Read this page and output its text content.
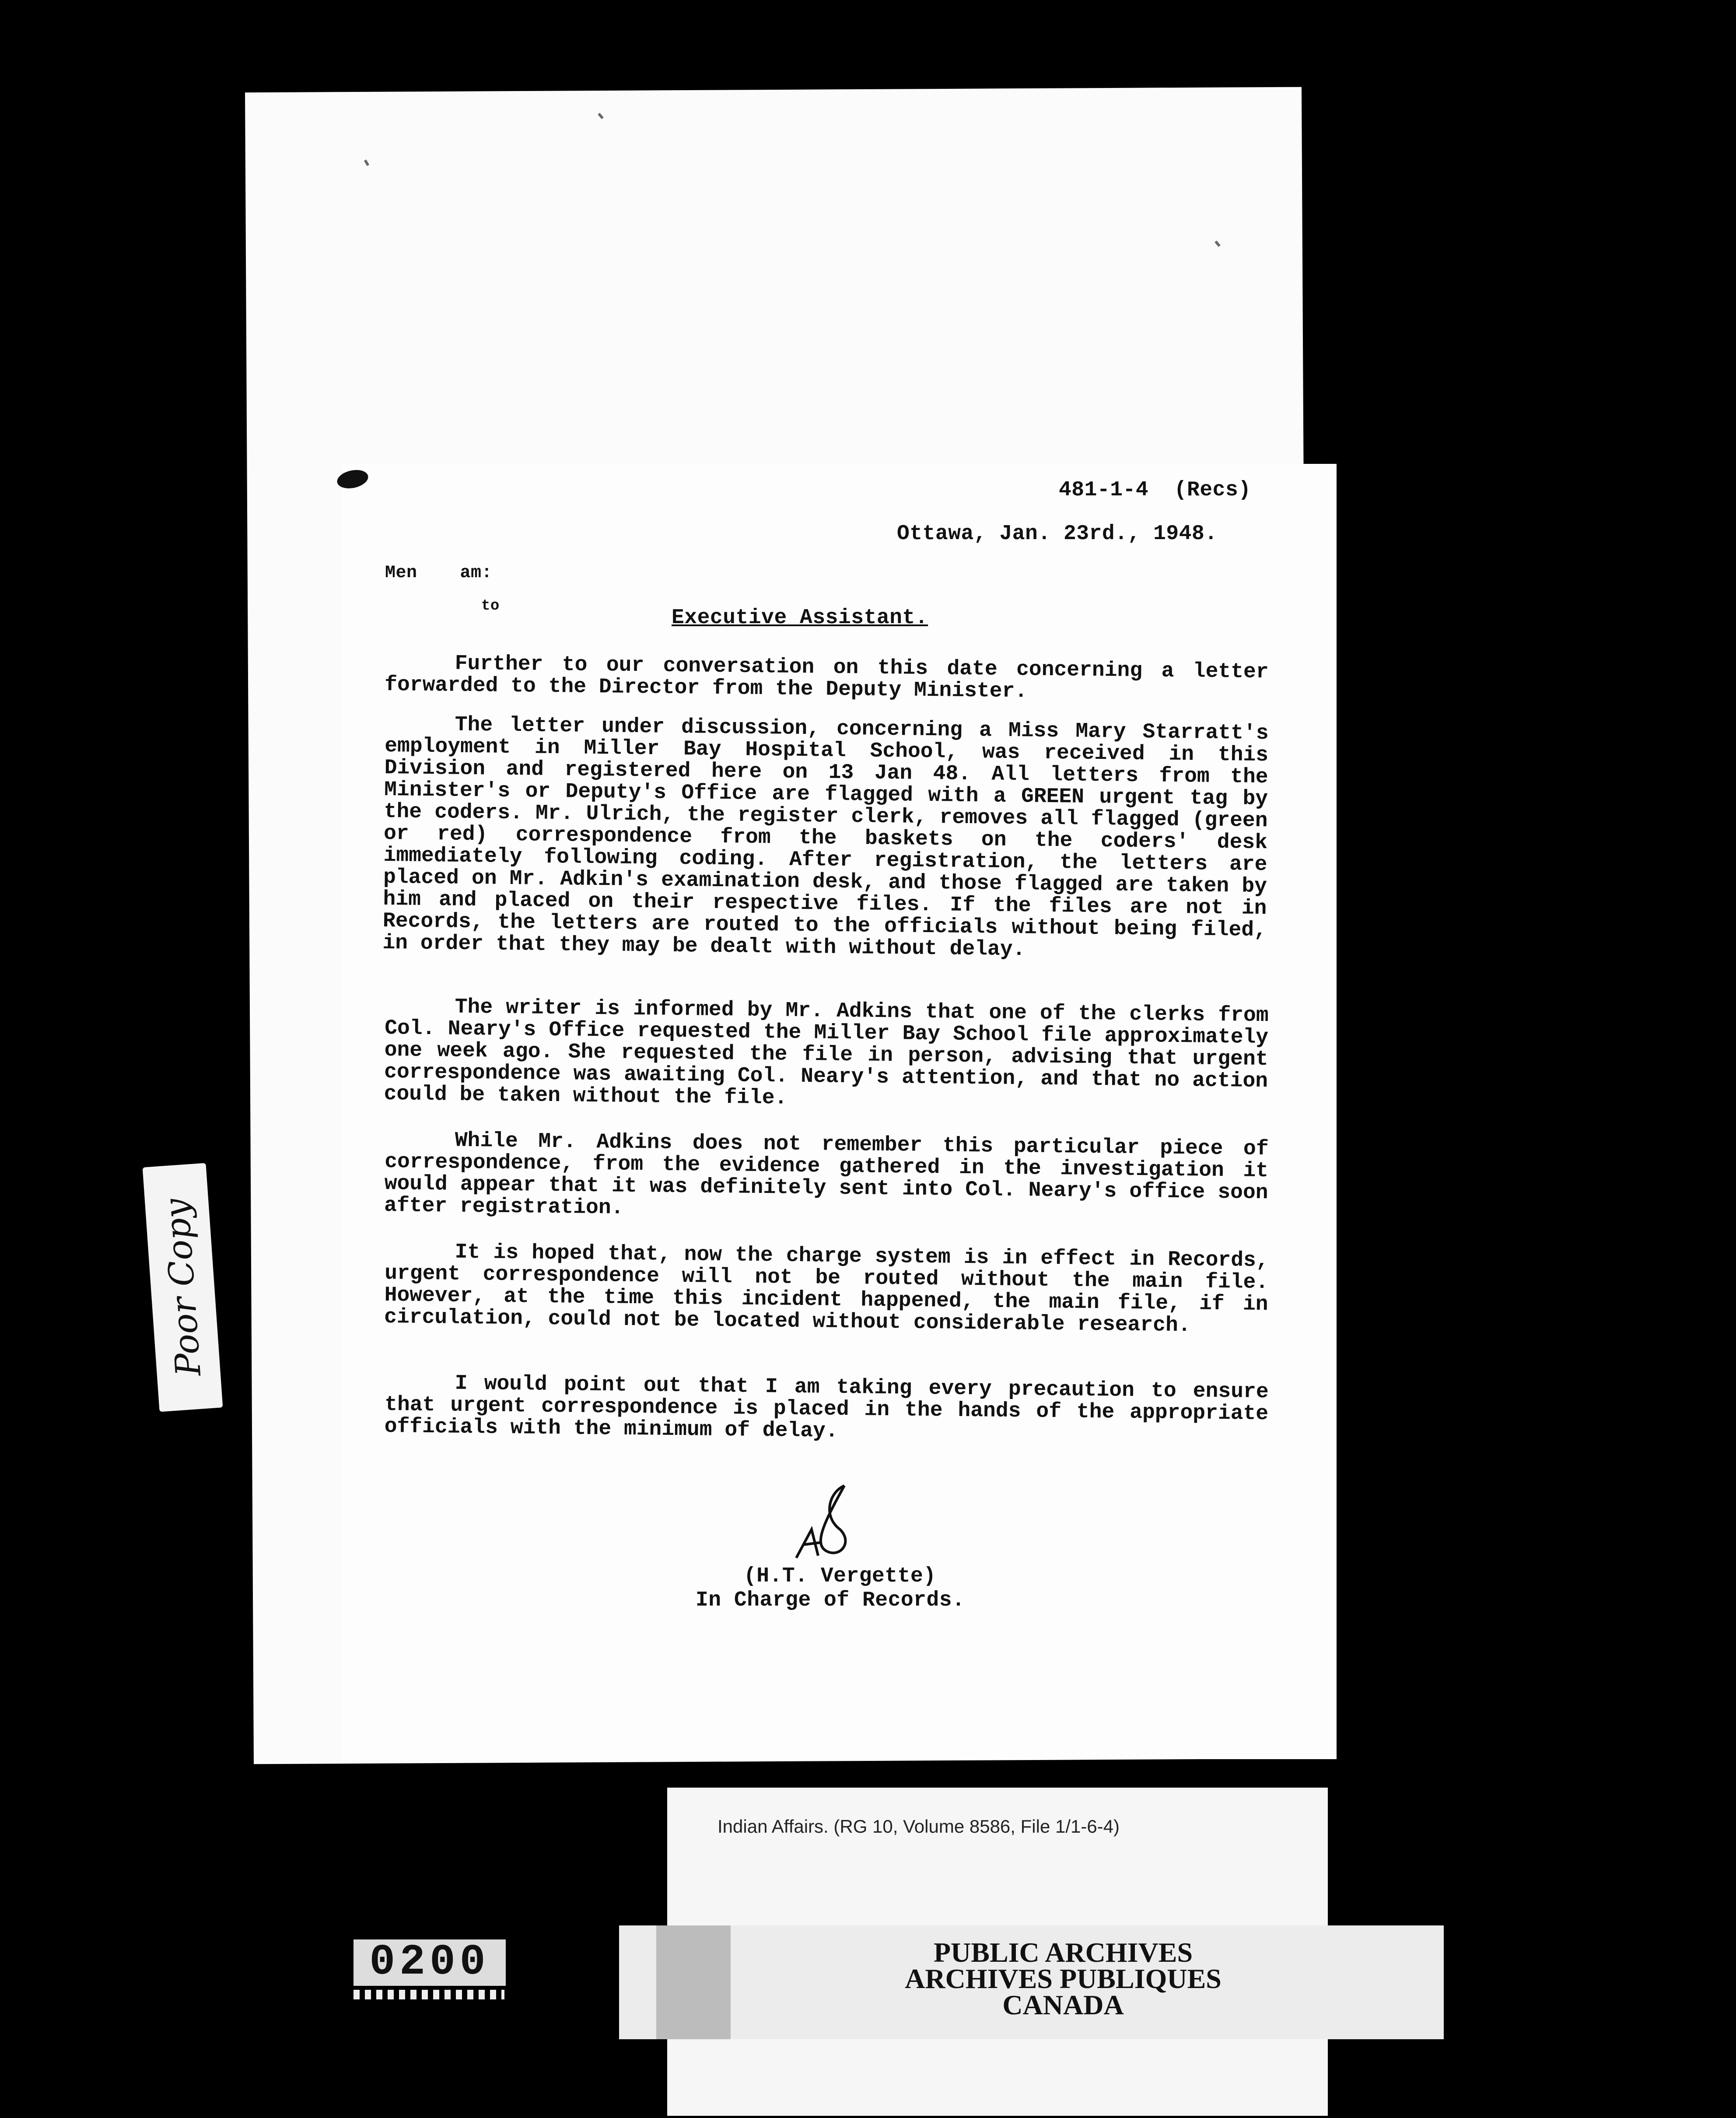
481-1-4  (Recs)
Ottawa, Jan. 23rd., 1948.
Men    am:
to	Executive Assistant.
Further to our conversation on this date concerning a letter forwarded to the Director from the Deputy Minister.
The letter under discussion, concerning a Miss Mary Starratt's employment in Miller Bay Hospital School, was received in this Division and registered here on 13 Jan 48. All letters from the Minister's or Deputy's Office are flagged with a GREEN urgent tag by the coders. Mr. Ulrich, the register clerk, removes all flagged (green or red) correspondence from the baskets on the coders' desk immediately following coding. After registration, the letters are placed on Mr. Adkin's examination desk, and those flagged are taken by him and placed on their respective files. If the files are not in Records, the letters are routed to the officials without being filed, in order that they may be dealt with without delay.
The writer is informed by Mr. Adkins that one of the clerks from Col. Neary's Office requested the Miller Bay School file approximately one week ago. She requested the file in person, advising that urgent correspondence was awaiting Col. Neary's attention, and that no action could be taken without the file.
While Mr. Adkins does not remember this particular piece of correspondence, from the evidence gathered in the investigation it would appear that it was definitely sent into Col. Neary's office soon after registration.
It is hoped that, now the charge system is in effect in Records, urgent correspondence will not be routed without the main file. However, at the time this incident happened, the main file, if in circulation, could not be located without considerable research.
I would point out that I am taking every precaution to ensure that urgent correspondence is placed in the hands of the appropriate officials with the minimum of delay.
(H.T. Vergette)
In Charge of Records.
Poor Copy
Indian Affairs. (RG 10, Volume 8586, File 1/1-6-4)
PUBLIC ARCHIVES
ARCHIVES PUBLIQUES
CANADA
0200
